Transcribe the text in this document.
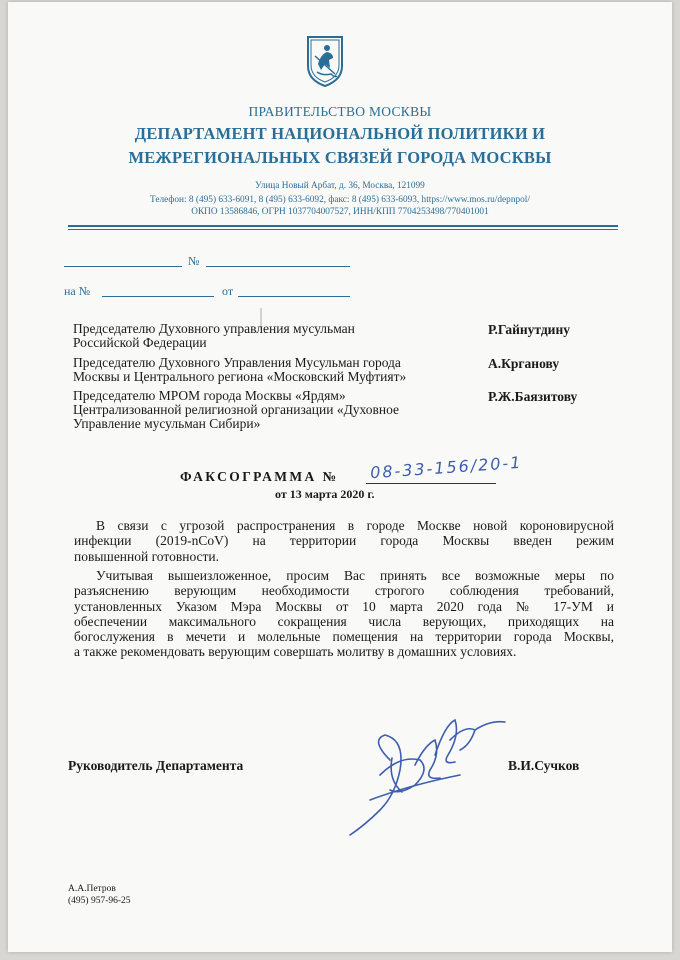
ПРАВИТЕЛЬСТВО МОСКВЫ
ДЕПАРТАМЕНТ НАЦИОНАЛЬНОЙ ПОЛИТИКИ И
МЕЖРЕГИОНАЛЬНЫХ СВЯЗЕЙ ГОРОДА МОСКВЫ
Улица Новый Арбат, д. 36, Москва, 121099
Телефон: 8 (495) 633-6091, 8 (495) 633-6092, факс: 8 (495) 633-6093, https://www.mos.ru/depnpol/
ОКПО 13586846, ОГРН 1037704007527, ИНН/КПП 7704253498/770401001
№
на №	от
Председателю Духовного управления мусульман
Российской Федерации
Р.Гайнутдину
Председателю Духовного Управления Мусульман города
Москвы и Центрального региона «Московский Муфтият»
А.Крганову
Председателю МРОМ города Москвы «Ярдям»
Централизованной религиозной организации «Духовное
Управление мусульман Сибири»
Р.Ж.Баязитову
ФАКСОГРАММА № 08-33-156/20-1
от 13 марта 2020 г.
В связи с угрозой распространения в городе Москве новой короновирусной
инфекции (2019-nCoV) на территории города Москвы введен режим
повышенной готовности.
Учитывая вышеизложенное, просим Вас принять все возможные меры по
разъяснению верующим необходимости строгого соблюдения требований,
установленных Указом Мэра Москвы от 10 марта 2020 года № 17-УМ и
обеспечении максимального сокращения числа верующих, приходящих на
богослужения в мечети и молельные помещения на территории города Москвы,
а также рекомендовать верующим совершать молитву в домашних условиях.
Руководитель Департамента	В.И.Сучков
А.А.Петров
(495) 957-96-25
